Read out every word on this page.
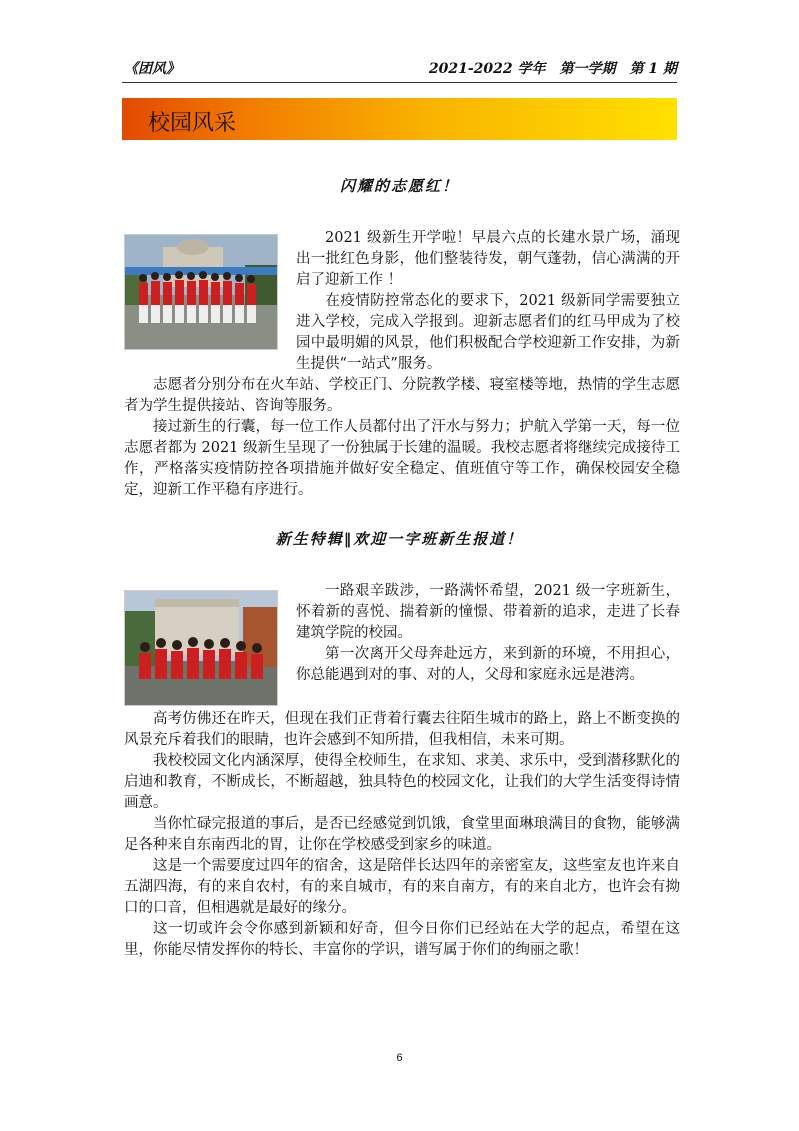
《团风》	2021-2022 学年　第一学期　第 1 期
校园风采
闪耀的志愿红！

2021 级新生开学啦！早晨六点的长建水景广场，涌现出一批红色身影，他们整装待发，朝气蓬勃，信心满满的开启了迎新工作 ！

在疫情防控常态化的要求下，2021 级新同学需要独立进入学校，完成入学报到。迎新志愿者们的红马甲成为了校园中最明媚的风景，他们积极配合学校迎新工作安排，为新生提供“一站式”服务。

志愿者分别分布在火车站、学校正门、分院教学楼、寝室楼等地，热情的学生志愿者为学生提供接站、咨询等服务。

接过新生的行囊，每一位工作人员都付出了汗水与努力；护航入学第一天，每一位志愿者都为 2021 级新生呈现了一份独属于长建的温暖。我校志愿者将继续完成接待工作，严格落实疫情防控各项措施并做好安全稳定、值班值守等工作，确保校园安全稳定，迎新工作平稳有序进行。

新生特辑‖欢迎一字班新生报道！

一路艰辛跋涉，一路满怀希望，2021 级一字班新生，怀着新的喜悦、揣着新的憧憬、带着新的追求，走进了长春建筑学院的校园。

第一次离开父母奔赴远方，来到新的环境，不用担心，你总能遇到对的事、对的人，父母和家庭永远是港湾。

高考仿佛还在昨天，但现在我们正背着行囊去往陌生城市的路上，路上不断变换的风景充斥着我们的眼睛，也许会感到不知所措，但我相信，未来可期。

我校校园文化内涵深厚，使得全校师生，在求知、求美、求乐中，受到潜移默化的启迪和教育，不断成长，不断超越，独具特色的校园文化，让我们的大学生活变得诗情画意。

当你忙碌完报道的事后，是否已经感觉到饥饿，食堂里面琳琅满目的食物，能够满足各种来自东南西北的胃，让你在学校感受到家乡的味道。

这是一个需要度过四年的宿舍，这是陪伴长达四年的亲密室友，这些室友也许来自五湖四海，有的来自农村，有的来自城市，有的来自南方，有的来自北方，也许会有拗口的口音，但相遇就是最好的缘分。

这一切或许会令你感到新颖和好奇，但今日你们已经站在大学的起点，希望在这里，你能尽情发挥你的特长、丰富你的学识，谱写属于你们的绚丽之歌！

6
